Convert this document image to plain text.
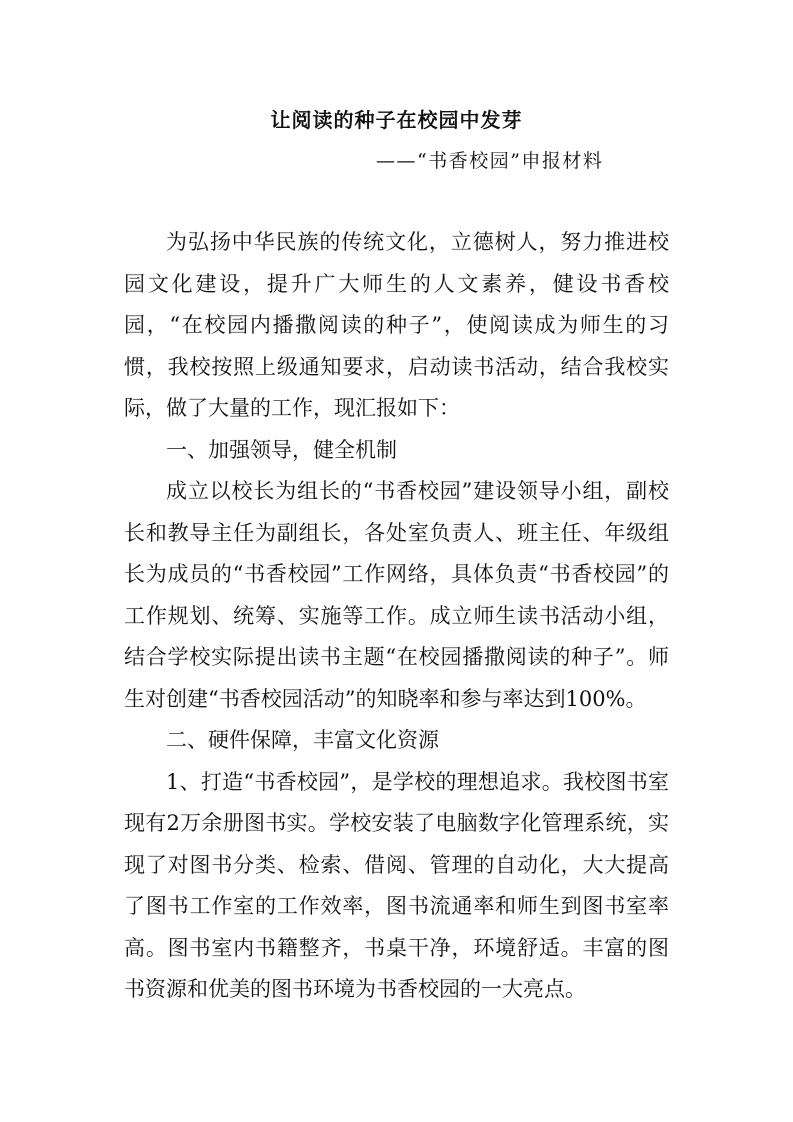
让阅读的种子在校园中发芽
——“书香校园”申报材料

为弘扬中华民族的传统文化，立德树人，努力推进校园文化建设，提升广大师生的人文素养，健设书香校园，“在校园内播撒阅读的种子”，使阅读成为师生的习惯，我校按照上级通知要求，启动读书活动，结合我校实际，做了大量的工作，现汇报如下：

一、加强领导，健全机制

成立以校长为组长的“书香校园”建设领导小组，副校长和教导主任为副组长，各处室负责人、班主任、年级组长为成员的“书香校园”工作网络，具体负责“书香校园”的工作规划、统筹、实施等工作。成立师生读书活动小组，结合学校实际提出读书主题“在校园播撒阅读的种子”。师生对创建“书香校园活动”的知晓率和参与率达到100%。

二、硬件保障，丰富文化资源

1、打造“书香校园”，是学校的理想追求。我校图书室现有2万余册图书实。学校安装了电脑数字化管理系统，实现了对图书分类、检索、借阅、管理的自动化，大大提高了图书工作室的工作效率，图书流通率和师生到图书室率高。图书室内书籍整齐，书桌干净，环境舒适。丰富的图书资源和优美的图书环境为书香校园的一大亮点。
